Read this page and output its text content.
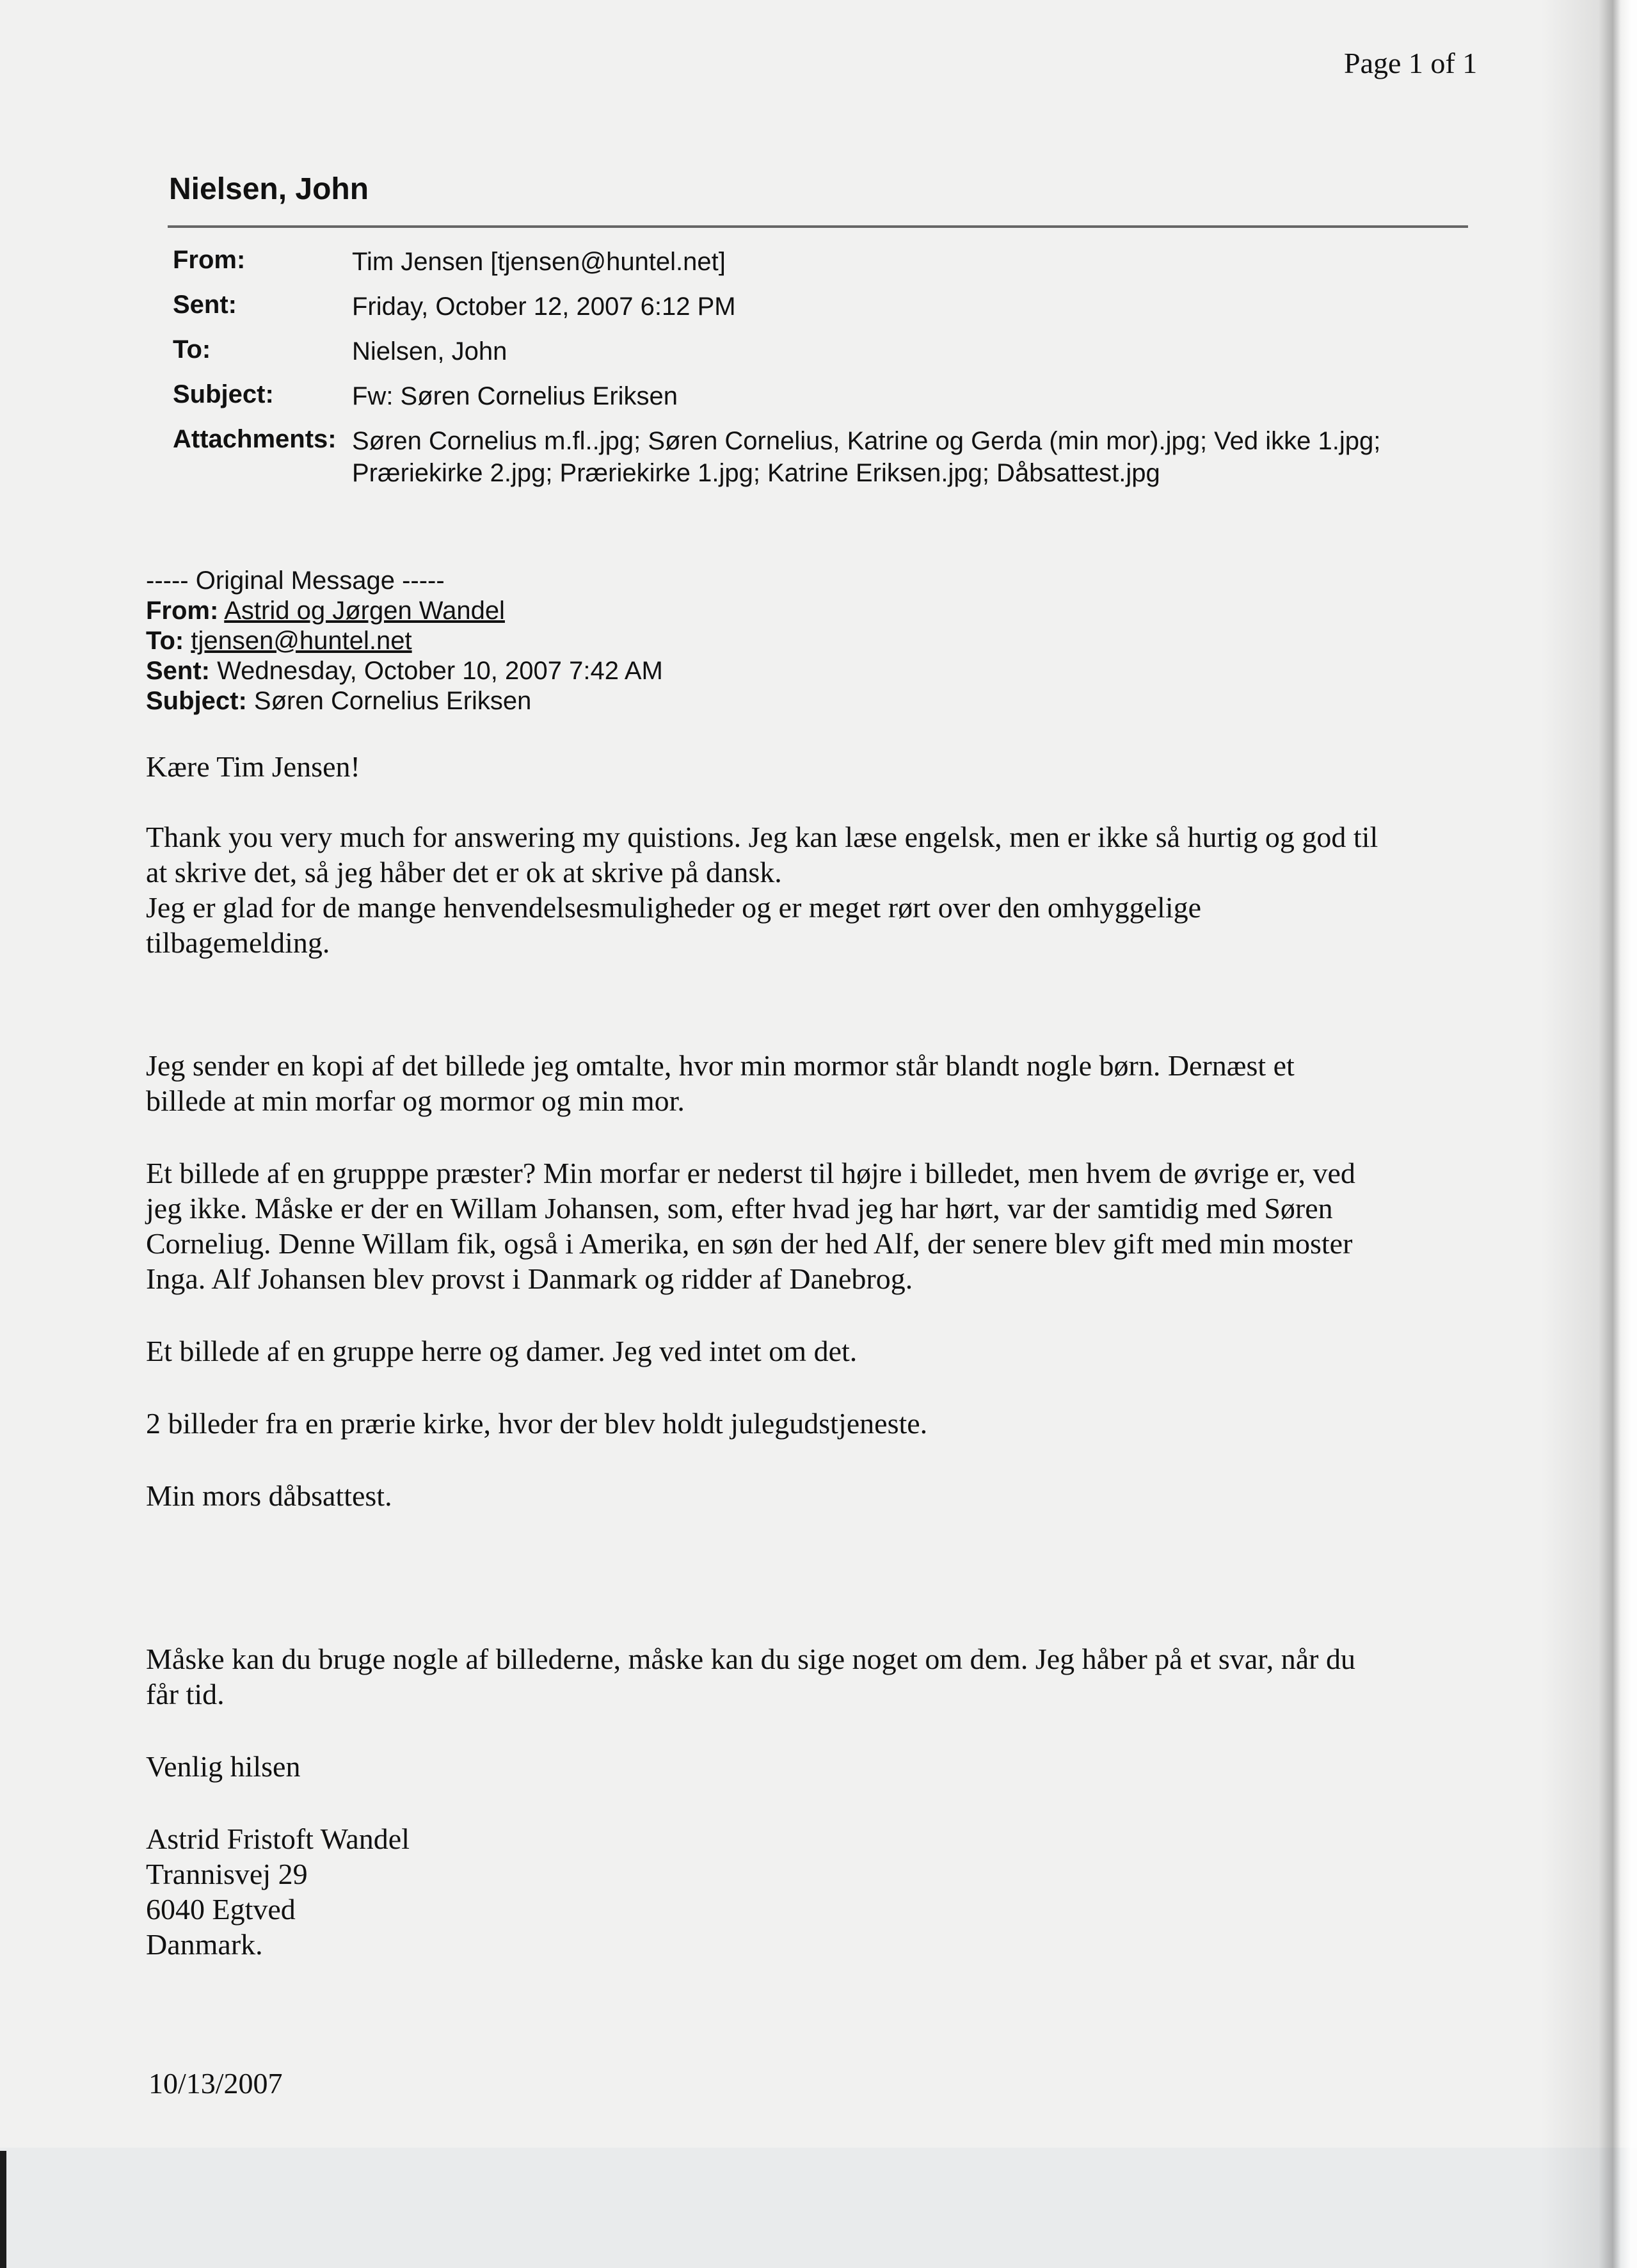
Page 1 of 1
Nielsen, John
From:	Tim Jensen [tjensen@huntel.net]
Sent:	Friday, October 12, 2007 6:12 PM
To:	Nielsen, John
Subject:	Fw: Søren Cornelius Eriksen
Attachments: Søren Cornelius m.fl..jpg; Søren Cornelius, Katrine og Gerda (min mor).jpg; Ved ikke 1.jpg;
Præriekirke 2.jpg; Præriekirke 1.jpg; Katrine Eriksen.jpg; Dåbsattest.jpg
----- Original Message -----
From: Astrid og Jørgen Wandel
To: tjensen@huntel.net
Sent: Wednesday, October 10, 2007 7:42 AM
Subject: Søren Cornelius Eriksen

Kære Tim Jensen!

Thank you very much for answering my quistions. Jeg kan læse engelsk, men er ikke så hurtig og god til
at skrive det, så jeg håber det er ok at skrive på dansk.
Jeg er glad for de mange henvendelsesmuligheder og er meget rørt over den omhyggelige
tilbagemelding.

Jeg sender en kopi af det billede jeg omtalte, hvor min mormor står blandt nogle børn. Dernæst et
billede at min morfar og mormor og min mor.

Et billede af en grupppe præster? Min morfar er nederst til højre i billedet, men hvem de øvrige er, ved
jeg ikke. Måske er der en Willam Johansen, som, efter hvad jeg har hørt, var der samtidig med Søren
Corneliug. Denne Willam fik, også i Amerika, en søn der hed Alf, der senere blev gift med min moster
Inga. Alf Johansen blev provst i Danmark og ridder af Danebrog.

Et billede af en gruppe herre og damer. Jeg ved intet om det.

2 billeder fra en prærie kirke, hvor der blev holdt julegudstjeneste.

Min mors dåbsattest.

Måske kan du bruge nogle af billederne, måske kan du sige noget om dem. Jeg håber på et svar, når du
får tid.

Venlig hilsen

Astrid Fristoft Wandel
Trannisvej 29
6040 Egtved
Danmark.

10/13/2007
